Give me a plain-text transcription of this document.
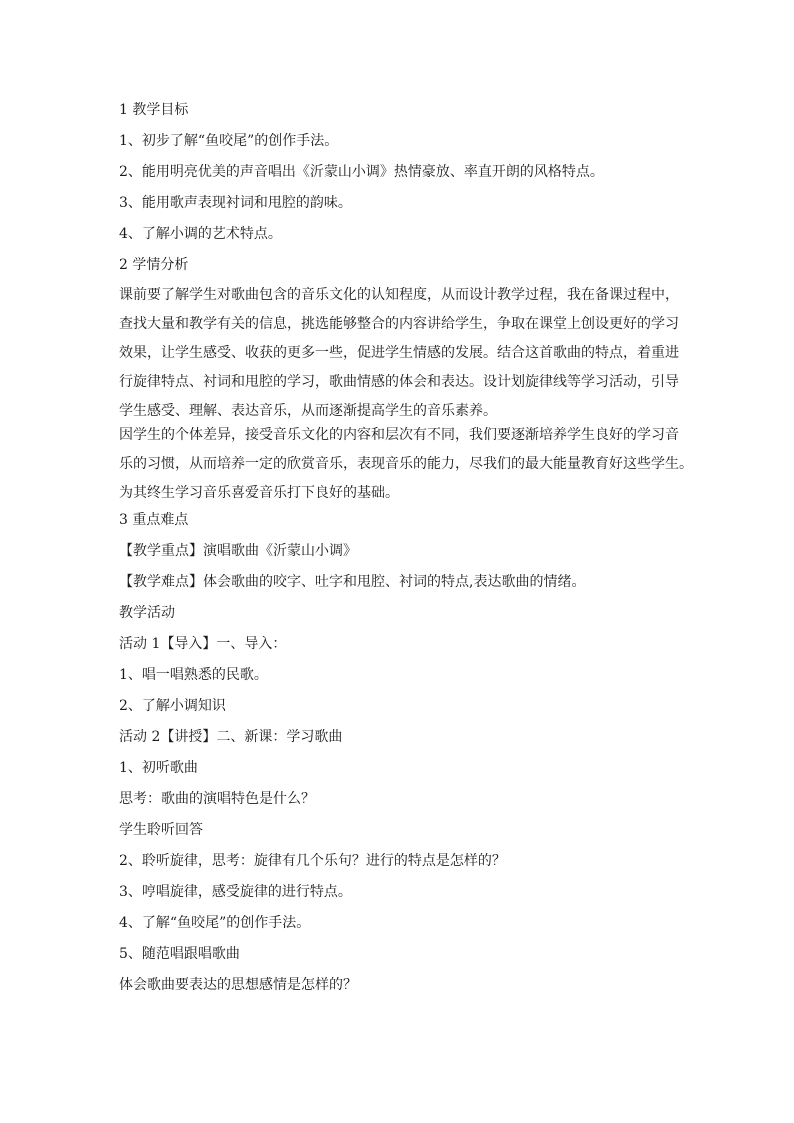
1 教学目标
1、初步了解“鱼咬尾”的创作手法。
2、能用明亮优美的声音唱出《沂蒙山小调》热情豪放、率直开朗的风格特点。
3、能用歌声表现衬词和甩腔的韵味。
4、了解小调的艺术特点。
2 学情分析
课前要了解学生对歌曲包含的音乐文化的认知程度，从而设计教学过程，我在备课过程中，
查找大量和教学有关的信息，挑选能够整合的内容讲给学生，争取在课堂上创设更好的学习
效果，让学生感受、收获的更多一些，促进学生情感的发展。结合这首歌曲的特点，着重进
行旋律特点、衬词和甩腔的学习，歌曲情感的体会和表达。设计划旋律线等学习活动，引导
学生感受、理解、表达音乐，从而逐渐提高学生的音乐素养。
因学生的个体差异，接受音乐文化的内容和层次有不同，我们要逐渐培养学生良好的学习音
乐的习惯，从而培养一定的欣赏音乐，表现音乐的能力，尽我们的最大能量教育好这些学生。
为其终生学习音乐喜爱音乐打下良好的基础。
3 重点难点
【教学重点】演唱歌曲《沂蒙山小调》
【教学难点】体会歌曲的咬字、吐字和甩腔、衬词的特点,表达歌曲的情绪。
教学活动
活动 1【导入】一、导入：
1、唱一唱熟悉的民歌。
2、了解小调知识
活动 2【讲授】二、新课：学习歌曲
1、初听歌曲
思考：歌曲的演唱特色是什么？
学生聆听回答
2、聆听旋律，思考：旋律有几个乐句？进行的特点是怎样的？
3、哼唱旋律，感受旋律的进行特点。
4、了解“鱼咬尾”的创作手法。
5、随范唱跟唱歌曲
体会歌曲要表达的思想感情是怎样的？
